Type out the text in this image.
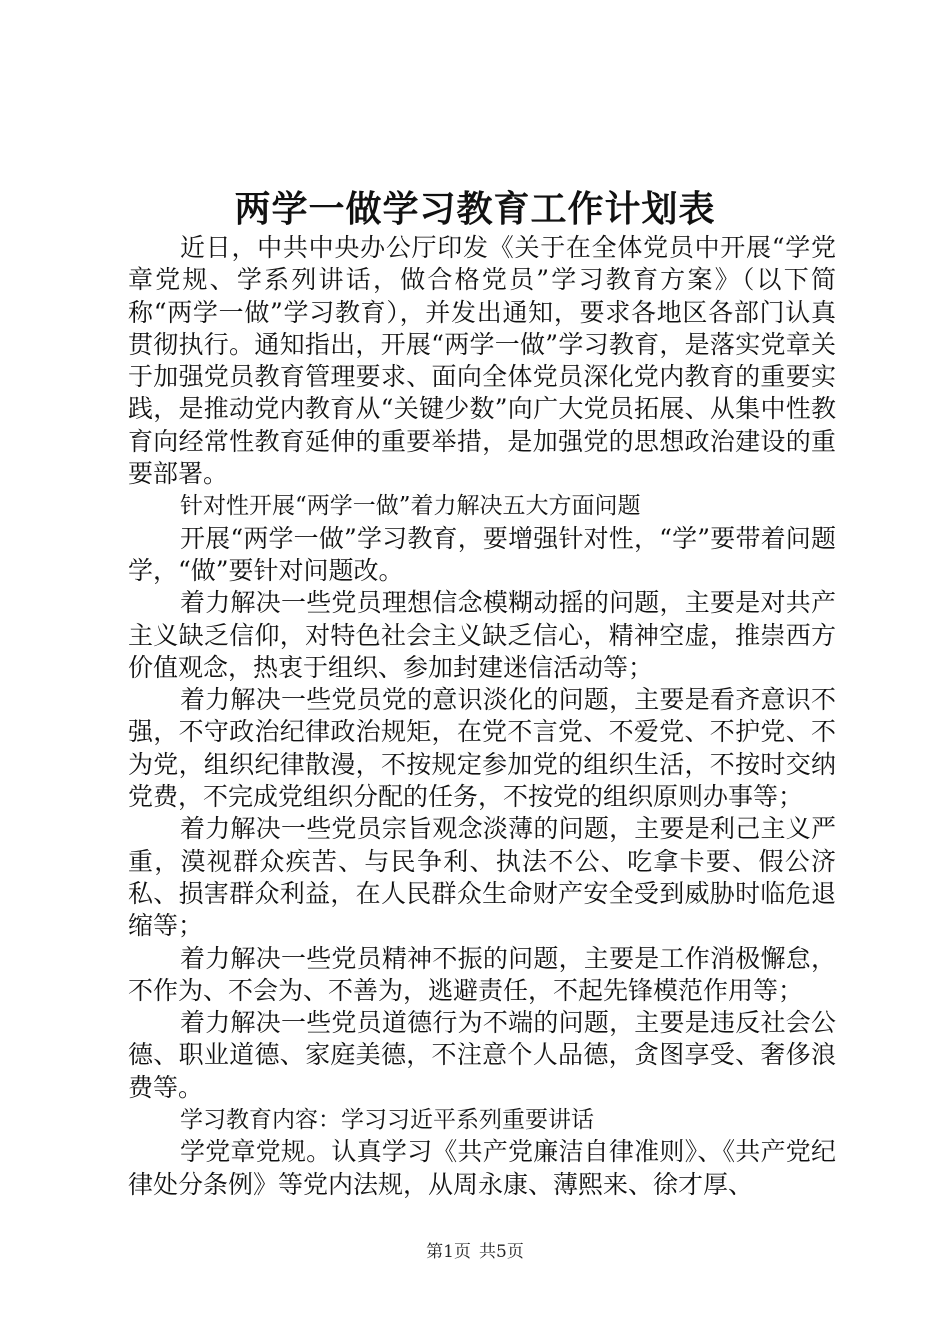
两学一做学习教育工作计划表

近日，中共中央办公厅印发《关于在全体党员中开展“学党章党规、学系列讲话，做合格党员”学习教育方案》（以下简称“两学一做”学习教育），并发出通知，要求各地区各部门认真贯彻执行。通知指出，开展“两学一做”学习教育，是落实党章关于加强党员教育管理要求、面向全体党员深化党内教育的重要实践，是推动党内教育从“关键少数”向广大党员拓展、从集中性教育向经常性教育延伸的重要举措，是加强党的思想政治建设的重要部署。

针对性开展“两学一做”着力解决五大方面问题

开展“两学一做”学习教育，要增强针对性，“学”要带着问题学，“做”要针对问题改。

着力解决一些党员理想信念模糊动摇的问题，主要是对共产主义缺乏信仰，对特色社会主义缺乏信心，精神空虚，推崇西方价值观念，热衷于组织、参加封建迷信活动等；

着力解决一些党员党的意识淡化的问题，主要是看齐意识不强，不守政治纪律政治规矩，在党不言党、不爱党、不护党、不为党，组织纪律散漫，不按规定参加党的组织生活，不按时交纳党费，不完成党组织分配的任务，不按党的组织原则办事等；

着力解决一些党员宗旨观念淡薄的问题，主要是利己主义严重，漠视群众疾苦、与民争利、执法不公、吃拿卡要、假公济私、损害群众利益，在人民群众生命财产安全受到威胁时临危退缩等；

着力解决一些党员精神不振的问题，主要是工作消极懈怠，不作为、不会为、不善为，逃避责任，不起先锋模范作用等；

着力解决一些党员道德行为不端的问题，主要是违反社会公德、职业道德、家庭美德，不注意个人品德，贪图享受、奢侈浪费等。

学习教育内容：学习习近平系列重要讲话

学党章党规。认真学习《共产党廉洁自律准则》、《共产党纪律处分条例》等党内法规，从周永康、薄熙来、徐才厚、

第1页 共5页
